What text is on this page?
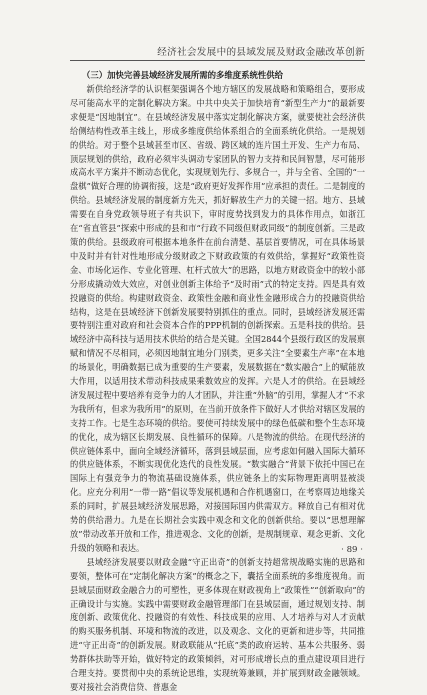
经济社会发展中的县域发展及财政金融改革创新
（三）加快完善县域经济发展所需的多维度系统性供给

新供给经济学的认识框架强调各个地方辖区的发展战略和策略组合，要形成尽可能高水平的定制化解决方案。中共中央关于加快培育“新型生产力”的最新要求便是“因地制宜”。在县域经济发展中落实定制化解决方案，就要使社会经济供给侧结构性改革主线上，形成多维度供给体系组合的全面系统化供给。一是规划的供给。对于整个县域甚至市区、省级、跨区域的连片国土开发、生产力布局、顶层规划的供给，政府必须牢头调动专家团队的智力支持和民间智慧，尽可能形成高水平方案并不断动态优化，实现规划先行、多规合一，并与全省、全国的“一盘棋”做好合理的协调衔接，这是“政府更好发挥作用”应承担的责任。二是制度的供给。县域经济发展的制度新方先天，抓好解放生产力的关键一招。地方、县域需要在自身党政领导班子有共识下，审时度势找到发力的具体作用点，如浙江在“省直管县”探索中形成的县和市“行政不同级但财政同级”的制度创新。三是政策的供给。县级政府可根据本地条件在前台清楚、基层首要情况，可在具体场景中及时并有针对性地形成分级财政之下财政政策的有效供给，掌握好“政策性资金、市场化运作、专业化管理、杠杆式放大”的思路，以地方财政资金中的较小部分形成撬动效大效应，对创业创新主体给予“及时雨”式的特定支持。四是具有效投融资的供给。构建财政资金、政策性金融和商业性金融形成合力的投融资供给结构，这是在县域经济下创新发展要特别抓住的重点。同时，县域经济发展还需要特别注重对政府和社会资本合作的PPP机制的创新探索。五是科技的供给。县域经济中高科技与适用技术供给的结合是关键。全国2844个县级行政区的发展禀赋和情况不尽相同，必须因地制宜地分门别类，更多关注“全要素生产率”在本地的场景化，明确数据已成为重要的生产要素，发展数据在“数实融合”上的赋能放大作用，以适用技术带动科技成果乘数效应的发挥。六是人才的供给。在县域经济发展过程中要培养有竞争力的人才团队，并注重“外脑”的引用，掌握人才“不求为我所有，但求为我所用”的原则，在当前开放条件下做好人才供给对辖区发展的支持工作。七是生态环境的供给。要使可持续发展中的绿色低碳和整个生态环境的优化，成为辖区长期发展、良性循环的保障。八是物流的供给。在现代经济的供应链体系中，面向全域经济循环，落到县域层面，应考虑如何融入国际大循环的供应链体系，不断实现优化迭代的良性发展。“数实融合”背景下依托中国已在国际上有强竞争力的物流基础设施体系，供应链条上的实际物理距离明显被淡化。应充分利用“一带一路”倡议等发展机遇和合作机遇窗口，在考察周边地缘关系的同时，扩展县域经济发展思路，对接国际国内供需双方。释放自己有相对优势的供给潜力。九是在长期社会实践中观念和文化的创新供给。要以“思想理解放”带动改革开放和工作，推进观念、文化的创新，是规制规章、观念更新、文化升级的领略和表达。

县域经济发展要以财政金融“守正出奇”的创新支持超常规战略实施的思路和要领，整体可在“定制化解决方案”的概念之下，囊括全面系统的多维度视角。而县域层面财政金融合力的可塑性，更多体现在财政视角上“政策性”“创新取向”的正确设计与实施。实践中需要财政金融管理部门在县域层面，通过规划支持、制度创新、政策优化、投融资的有效性、科技成果的应用、人才培养与对人才贡献的购买服务机制、环境和物流的改进，以及观念、文化的更新和进步等，共同推进“守正出奇”的创新发展。财政联能从“托底”类的政府运转、基本公共服务、弱势群体扶助等开始，做好特定的政策倾斜，对可形成增长点的重点建设项目进行合理支持。要贯彻中央的系统论思维，实现统筹兼顾，并扩展到财政金融领域。要对接社会消费信贷、普惠金

· 89 ·
